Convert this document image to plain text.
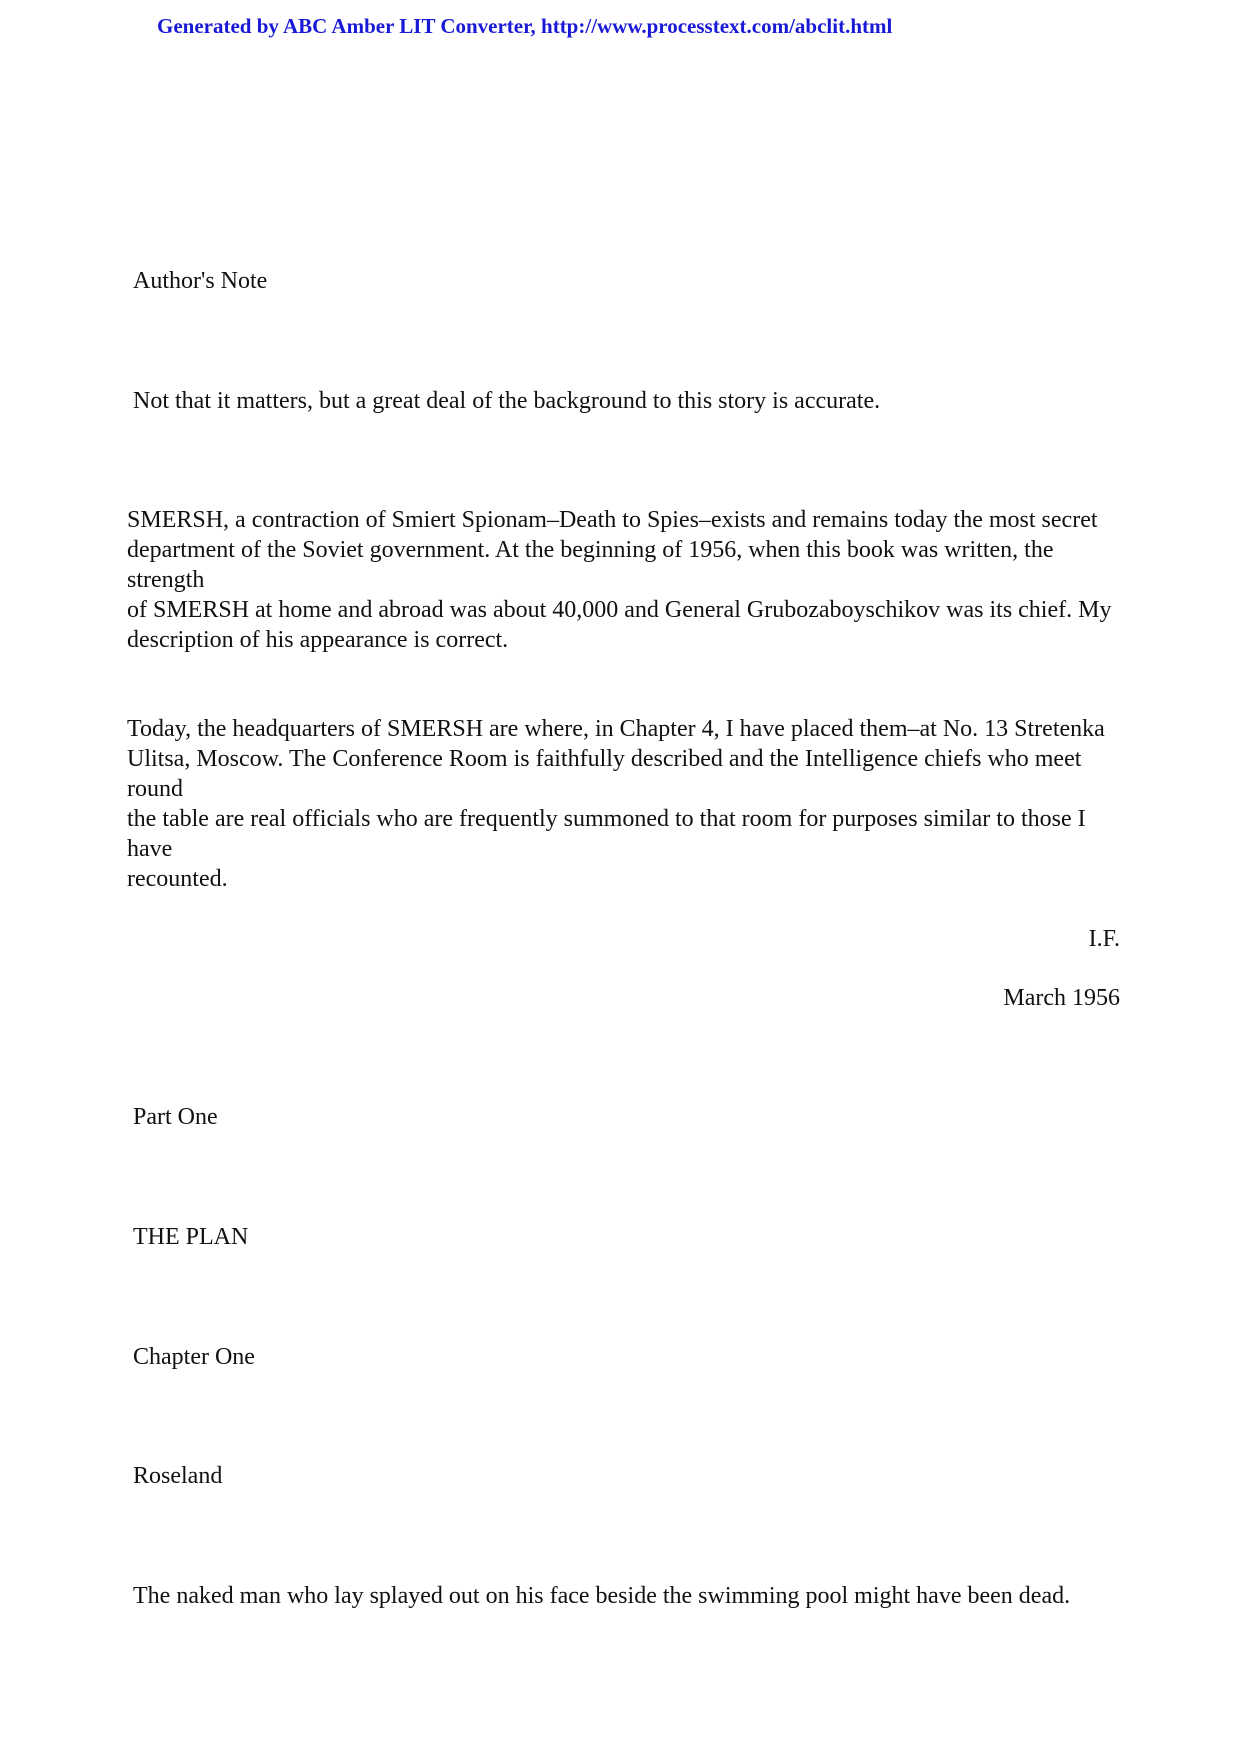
Generated by ABC Amber LIT Converter, http://www.processtext.com/abclit.html
Author's Note
Not that it matters, but a great deal of the background to this story is accurate.
SMERSH, a contraction of Smiert Spionam–Death to Spies–exists and remains today the most secret
department of the Soviet government. At the beginning of 1956, when this book was written, the strength
of SMERSH at home and abroad was about 40,000 and General Grubozaboyschikov was its chief. My
description of his appearance is correct.
Today, the headquarters of SMERSH are where, in Chapter 4, I have placed them–at No. 13 Stretenka
Ulitsa, Moscow. The Conference Room is faithfully described and the Intelligence chiefs who meet round
the table are real officials who are frequently summoned to that room for purposes similar to those I have
recounted.
I.F.
March 1956
Part One
THE PLAN
Chapter One
Roseland
The naked man who lay splayed out on his face beside the swimming pool might have been dead.
